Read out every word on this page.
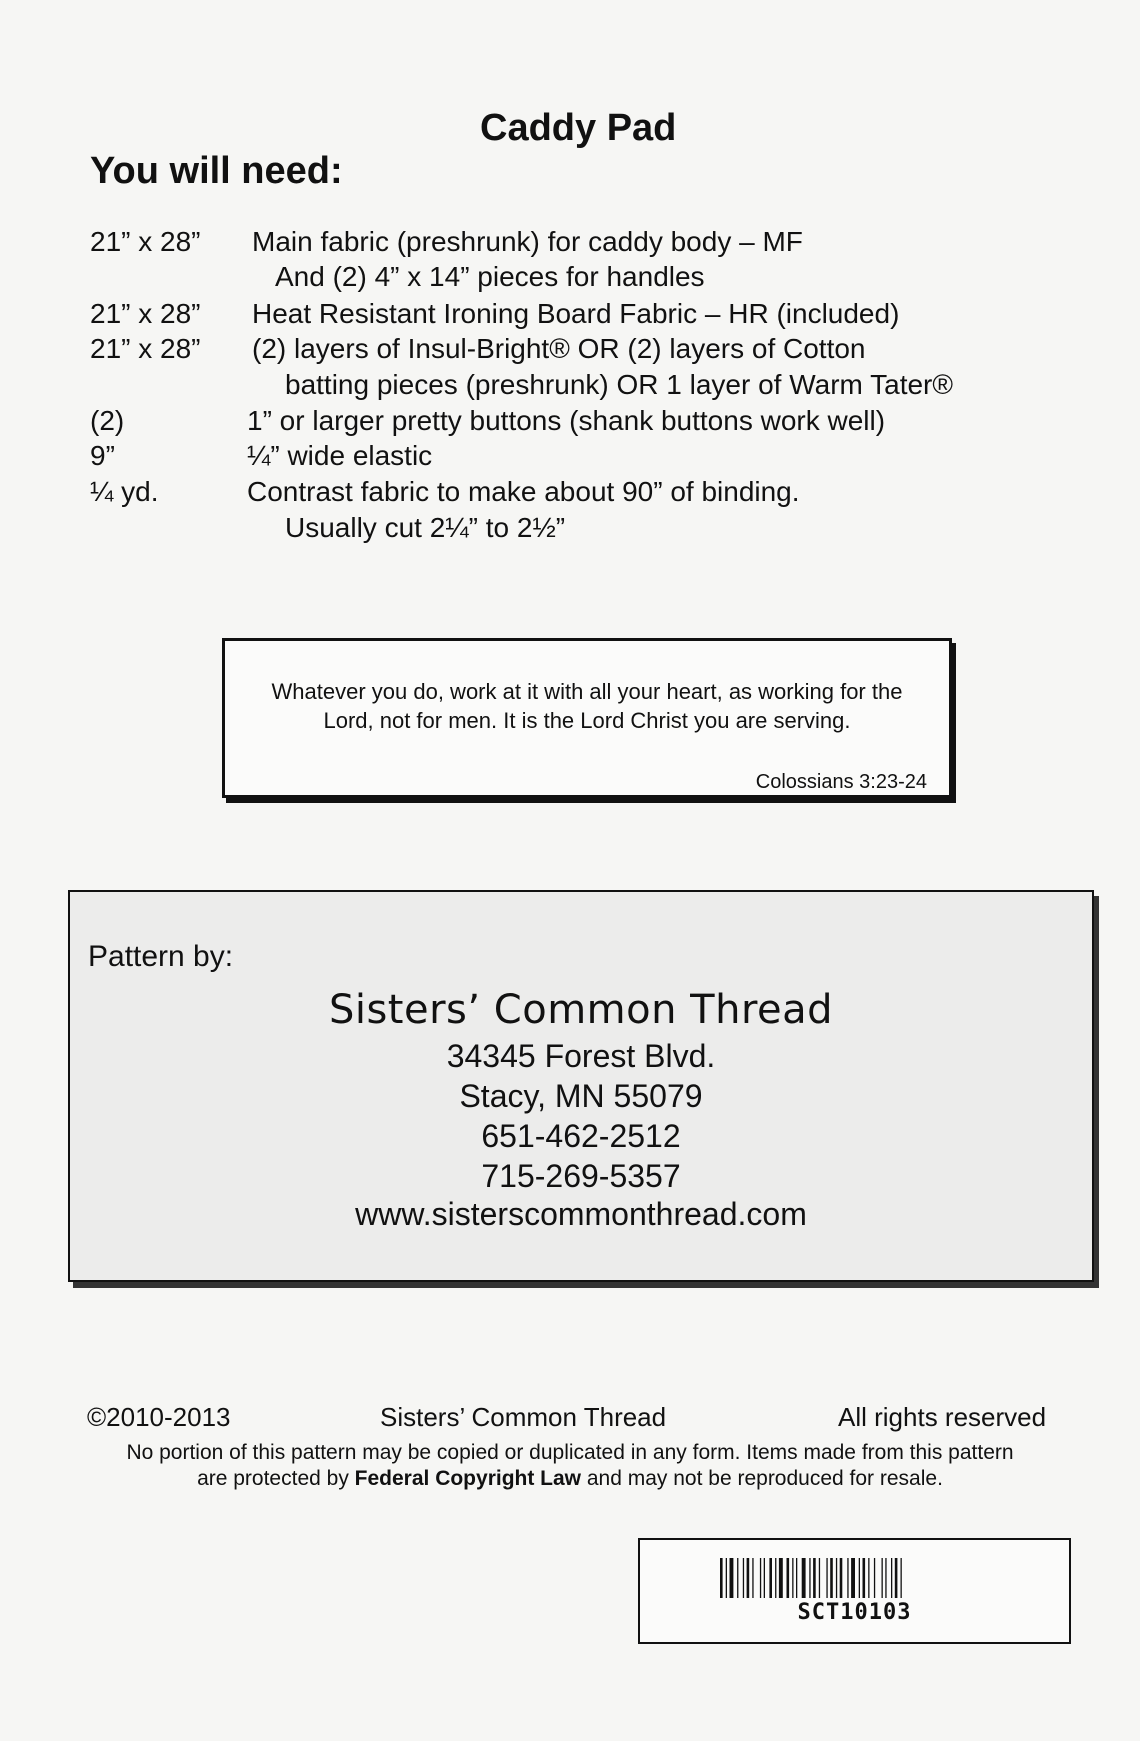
Caddy Pad
You will need:
21” x 28” Main fabric (preshrunk) for caddy body – MF
And (2) 4” x 14” pieces for handles
21” x 28” Heat Resistant Ironing Board Fabric – HR (included)
21” x 28” (2) layers of Insul-Bright® OR (2) layers of Cotton
batting pieces (preshrunk) OR 1 layer of Warm Tater®
(2)	1” or larger pretty buttons (shank buttons work well)
9”	¼” wide elastic
¼ yd.	Contrast fabric to make about 90” of binding.
Usually cut 2¼” to 2½”
Whatever you do, work at it with all your heart, as working for the Lord, not for men. It is the Lord Christ you are serving.
Colossians 3:23-24
Pattern by:
Sisters’ Common Thread
34345 Forest Blvd.
Stacy, MN 55079
651-462-2512
715-269-5357
www.sisterscommonthread.com
©2010-2013	Sisters’ Common Thread	All rights reserved
No portion of this pattern may be copied or duplicated in any form. Items made from this pattern
are protected by Federal Copyright Law and may not be reproduced for resale.
SCT10103
